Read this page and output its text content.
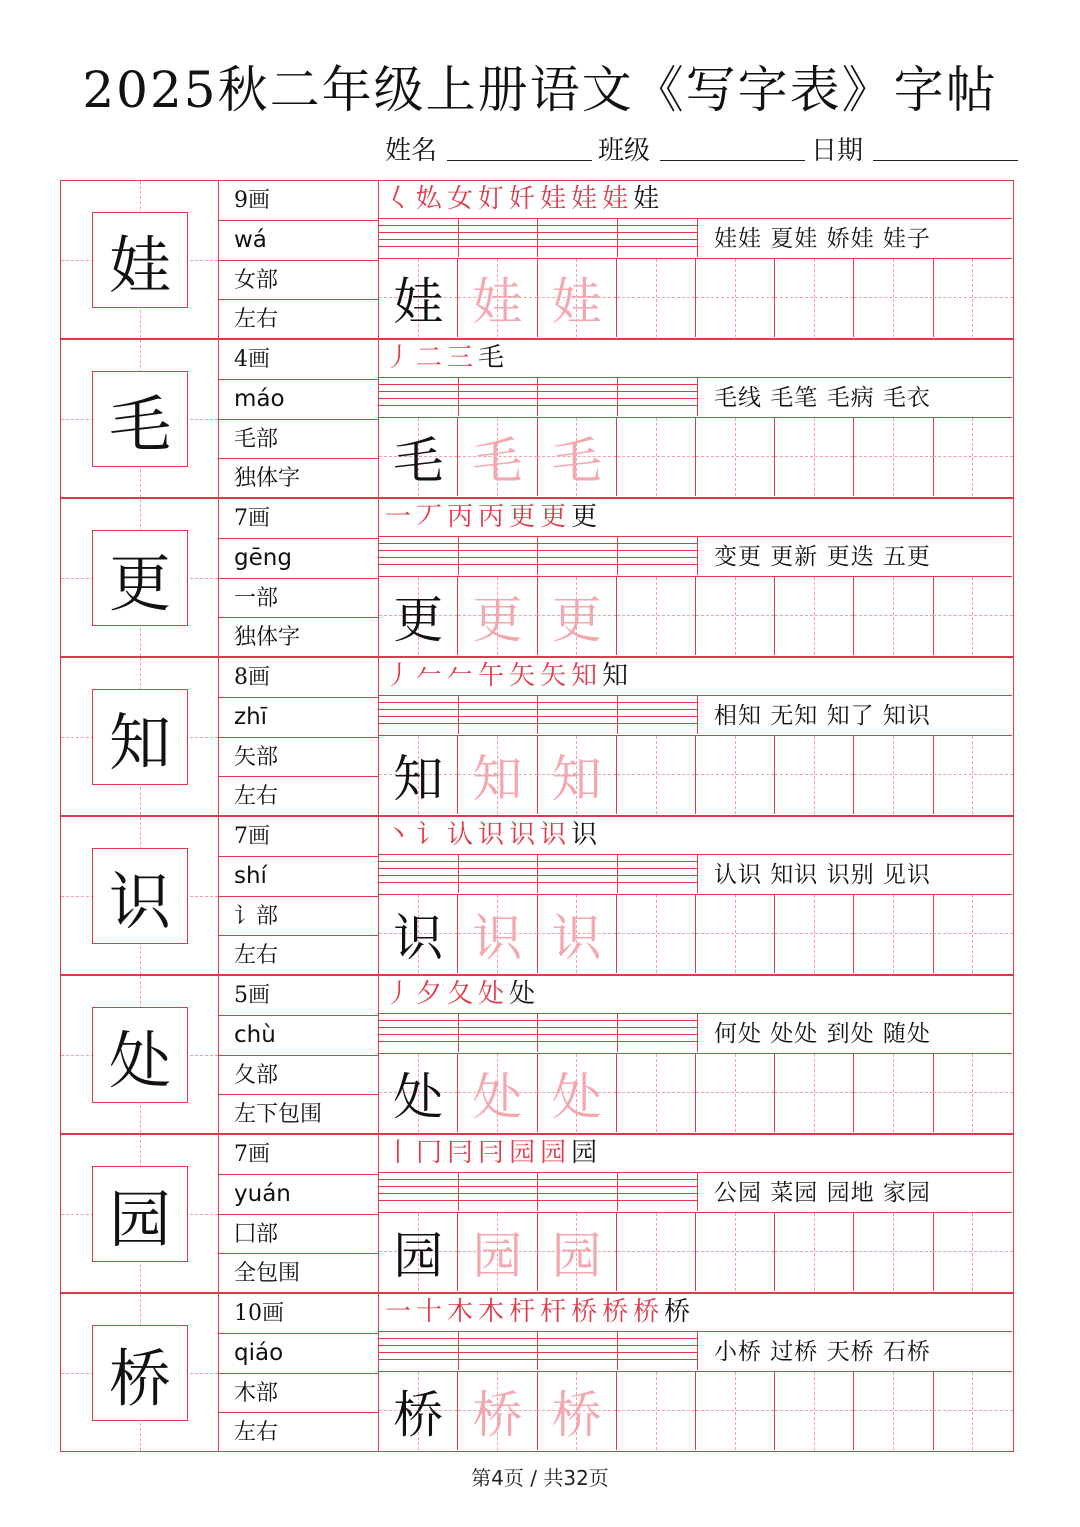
2025秋二年级上册语文《写字表》字帖
姓名	班级	日期
娃
9画
wá
女部
左右
𡿨 𡚸 女 奵 奷 娃 娃 娃 娃
娃娃 夏娃 娇娃 娃子
娃 娃 娃
毛
4画
máo
毛部
独体字
丿 二 三 毛
毛线 毛笔 毛病 毛衣
毛 毛 毛
更
7画
gēng
一部
独体字
一 丆 丙 丙 更 更 更
变更 更新 更迭 五更
更 更 更
知
8画
zhī
矢部
左右
丿 𠂉 𠂉 午 矢 矢 知 知
相知 无知 知了 知识
知 知 知
识
7画
shí
讠部
左右
丶 讠 认 识 识 识 识
认识 知识 识别 见识
识 识 识
处
5画
chù
夂部
左下包围
丿 夕 夂 处 处
何处 处处 到处 随处
处 处 处
园
7画
yuán
囗部
全包围
丨 冂 冃 冃 园 园 园
公园 菜园 园地 家园
园 园 园
桥
10画
qiáo
木部
左右
一 十 木 木 杆 杆 桥 桥 桥 桥
小桥 过桥 天桥 石桥
桥 桥 桥
第4页 / 共32页
